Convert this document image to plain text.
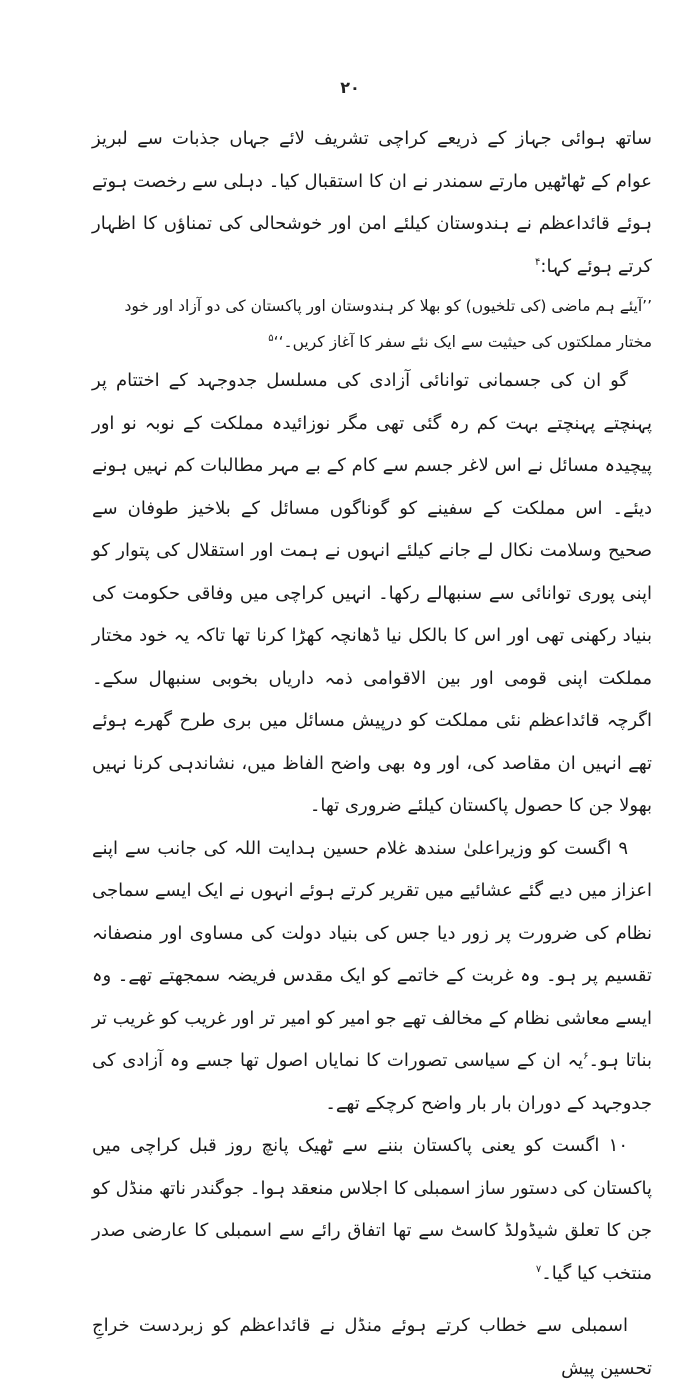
۲۰

ساتھ ہوائی جہاز کے ذریعے کراچی تشریف لائے جہاں جذبات سے لبریز عوام کے ٹھاٹھیں مارتے سمندر نے ان کا استقبال کیا۔ دہلی سے رخصت ہوتے ہوئے قائداعظم نے ہندوستان کیلئے امن اور خوشحالی کی تمناؤں کا اظہار کرتے ہوئے کہا:$^۴$

’’آیئے ہم ماضی (کی تلخیوں) کو بھلا کر ہندوستان اور پاکستان کی دو آزاد اور خود مختار مملکتوں کی حیثیت سے ایک نئے سفر کا آغاز کریں۔‘‘$^۵$

گو ان کی جسمانی توانائی آزادی کی مسلسل جدوجہد کے اختتام پر پہنچتے پہنچتے بہت کم رہ گئی تھی مگر نوزائیدہ مملکت کے نوبہ نو اور پیچیدہ مسائل نے اس لاغر جسم سے کام کے بے مہر مطالبات کم نہیں ہونے دیئے۔ اس مملکت کے سفینے کو گوناگوں مسائل کے بلاخیز طوفان سے صحیح وسلامت نکال لے جانے کیلئے انہوں نے ہمت اور استقلال کی پتوار کو اپنی پوری توانائی سے سنبھالے رکھا۔ انہیں کراچی میں وفاقی حکومت کی بنیاد رکھنی تھی اور اس کا بالکل نیا ڈھانچہ کھڑا کرنا تھا تاکہ یہ خود مختار مملکت اپنی قومی اور بین الاقوامی ذمہ داریاں بخوبی سنبھال سکے۔ اگرچہ قائداعظم نئی مملکت کو درپیش مسائل میں بری طرح گھرے ہوئے تھے انہیں ان مقاصد کی، اور وہ بھی واضح الفاظ میں، نشاندہی کرنا نہیں بھولا جن کا حصول پاکستان کیلئے ضروری تھا۔

۹ اگست کو وزیراعلیٰ سندھ غلام حسین ہدایت اللہ کی جانب سے اپنے اعزاز میں دیے گئے عشائیے میں تقریر کرتے ہوئے انہوں نے ایک ایسے سماجی نظام کی ضرورت پر زور دیا جس کی بنیاد دولت کی مساوی اور منصفانہ تقسیم پر ہو۔ وہ غربت کے خاتمے کو ایک مقدس فریضہ سمجھتے تھے۔ وہ ایسے معاشی نظام کے مخالف تھے جو امیر کو امیر تر اور غریب کو غریب تر بناتا ہو۔$^۶$یہ ان کے سیاسی تصورات کا نمایاں اصول تھا جسے وہ آزادی کی جدوجہد کے دوران بار بار واضح کرچکے تھے۔

۱۰ اگست کو یعنی پاکستان بننے سے ٹھیک پانچ روز قبل کراچی میں پاکستان کی دستور ساز اسمبلی کا اجلاس منعقد ہوا۔ جوگندر ناتھ منڈل کو جن کا تعلق شیڈولڈ کاسٹ سے تھا اتفاق رائے سے اسمبلی کا عارضی صدر منتخب کیا گیا۔$^۷$

اسمبلی سے خطاب کرتے ہوئے منڈل نے قائداعظم کو زبردست خراجِ تحسین پیش
